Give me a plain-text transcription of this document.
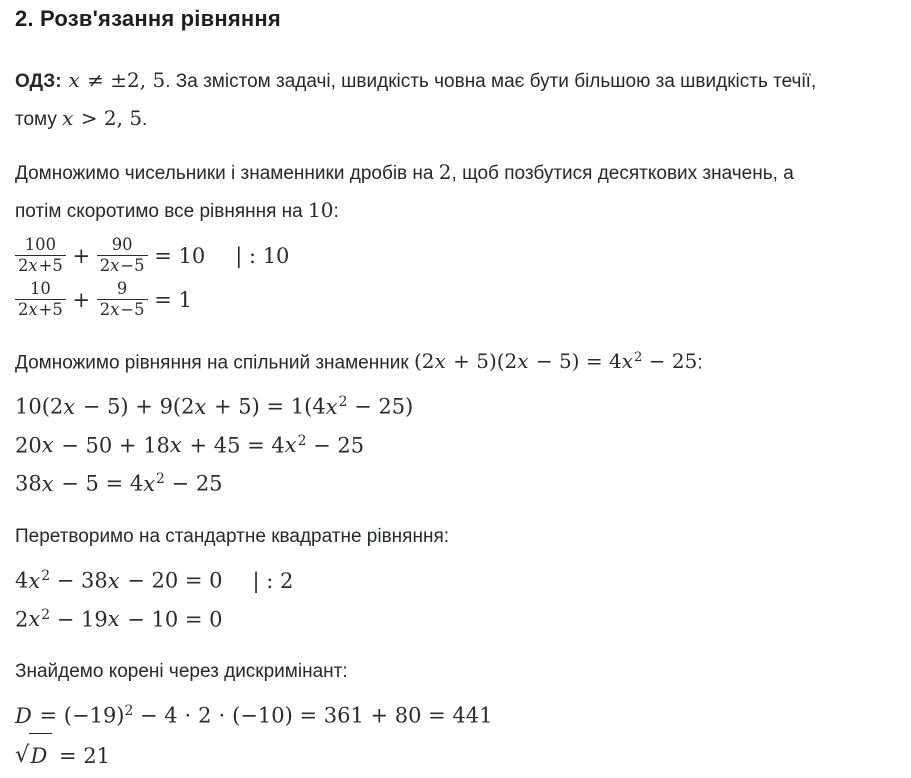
2. Розв'язання рівняння

ОДЗ: x ≠ ±2, 5. За змістом задачі, швидкість човна має бути більшою за швидкість течії,
тому x > 2, 5.

Домножимо чисельники і знаменники дробів на 2, щоб позбутися десяткових значень, а
потім скоротимо все рівняння на 10:

$\frac{100}{2x+5} + \frac{90}{2x-5} = 10$ | : 10
$\frac{10}{2x+5} + \frac{9}{2x-5} = 1$

Домножимо рівняння на спільний знаменник $(2x + 5)(2x - 5) = 4x^2 - 25$:

$10(2x - 5) + 9(2x + 5) = 1(4x^2 - 25)$
$20x - 50 + 18x + 45 = 4x^2 - 25$
$38x - 5 = 4x^2 - 25$

Перетворимо на стандартне квадратне рівняння:

$4x^2 - 38x - 20 = 0$ | : 2
$2x^2 - 19x - 10 = 0$

Знайдемо корені через дискримінант:

$D = (-19)^2 - 4 \cdot 2 \cdot (-10) = 361 + 80 = 441$
√D = 21
